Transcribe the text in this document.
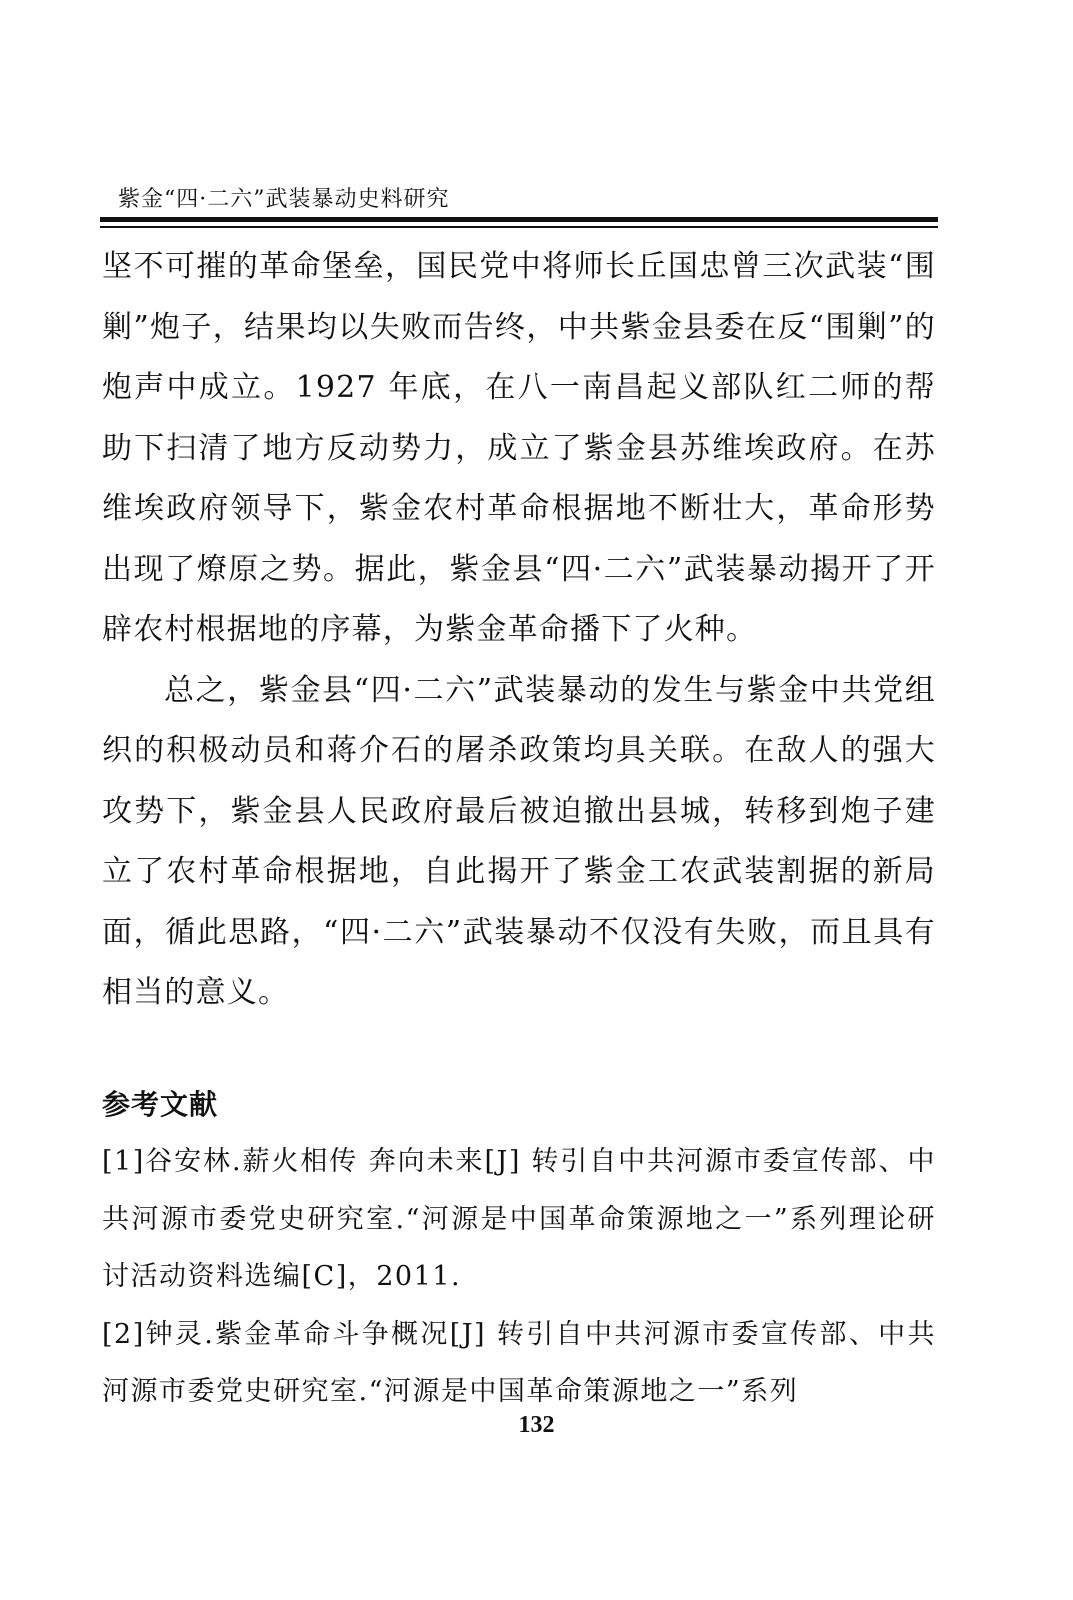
紫金“四·二六”武装暴动史料研究

坚不可摧的革命堡垒，国民党中将师长丘国忠曾三次武装“围剿”炮子，结果均以失败而告终，中共紫金县委在反“围剿”的炮声中成立。1927 年底，在八一南昌起义部队红二师的帮助下扫清了地方反动势力，成立了紫金县苏维埃政府。在苏维埃政府领导下，紫金农村革命根据地不断壮大，革命形势出现了燎原之势。据此，紫金县“四·二六”武装暴动揭开了开辟农村根据地的序幕，为紫金革命播下了火种。

总之，紫金县“四·二六”武装暴动的发生与紫金中共党组织的积极动员和蒋介石的屠杀政策均具关联。在敌人的强大攻势下，紫金县人民政府最后被迫撤出县城，转移到炮子建立了农村革命根据地，自此揭开了紫金工农武装割据的新局面，循此思路，“四·二六”武装暴动不仅没有失败，而且具有相当的意义。

参考文献

[1]谷安林.薪火相传 奔向未来[J] 转引自中共河源市委宣传部、中共河源市委党史研究室.“河源是中国革命策源地之一”系列理论研讨活动资料选编[C]，2011.

[2]钟灵.紫金革命斗争概况[J] 转引自中共河源市委宣传部、中共河源市委党史研究室.“河源是中国革命策源地之一”系列

132
